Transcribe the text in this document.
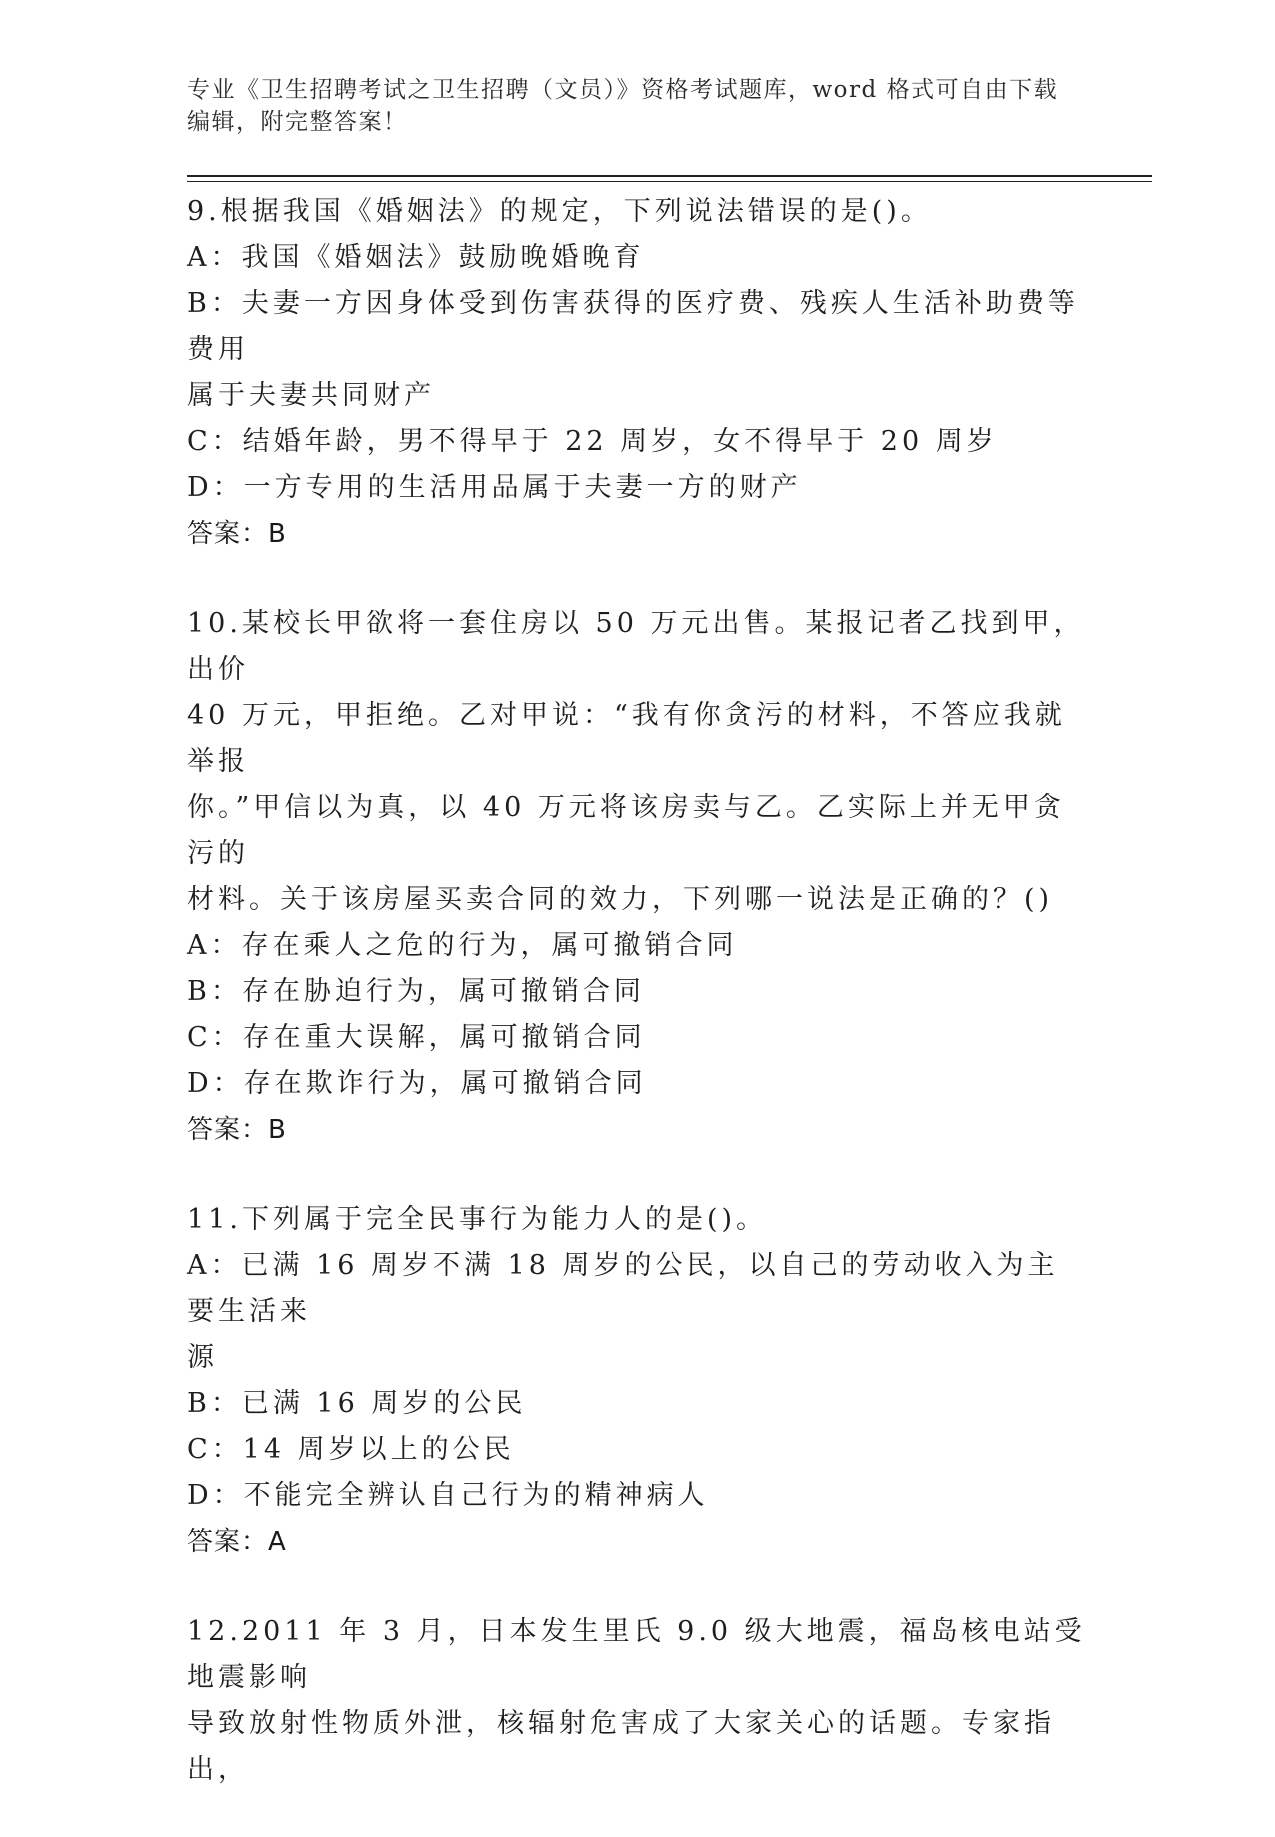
专业《卫生招聘考试之卫生招聘（文员）》资格考试题库，word 格式可自由下载
编辑，附完整答案！
9.根据我国《婚姻法》的规定，下列说法错误的是()。
A：我国《婚姻法》鼓励晚婚晚育
B：夫妻一方因身体受到伤害获得的医疗费、残疾人生活补助费等费用
属于夫妻共同财产
C：结婚年龄，男不得早于 22 周岁，女不得早于 20 周岁
D：一方专用的生活用品属于夫妻一方的财产
答案：B
10.某校长甲欲将一套住房以 50 万元出售。某报记者乙找到甲，出价
40 万元，甲拒绝。乙对甲说：“我有你贪污的材料，不答应我就举报
你。”甲信以为真，以 40 万元将该房卖与乙。乙实际上并无甲贪污的
材料。关于该房屋买卖合同的效力，下列哪一说法是正确的？()
A：存在乘人之危的行为，属可撤销合同
B：存在胁迫行为，属可撤销合同
C：存在重大误解，属可撤销合同
D：存在欺诈行为，属可撤销合同
答案：B
11.下列属于完全民事行为能力人的是()。
A：已满 16 周岁不满 18 周岁的公民，以自己的劳动收入为主要生活来
源
B：已满 16 周岁的公民
C：14 周岁以上的公民
D：不能完全辨认自己行为的精神病人
答案：A
12.2011 年 3 月，日本发生里氏 9.0 级大地震，福岛核电站受地震影响
导致放射性物质外泄，核辐射危害成了大家关心的话题。专家指出，
